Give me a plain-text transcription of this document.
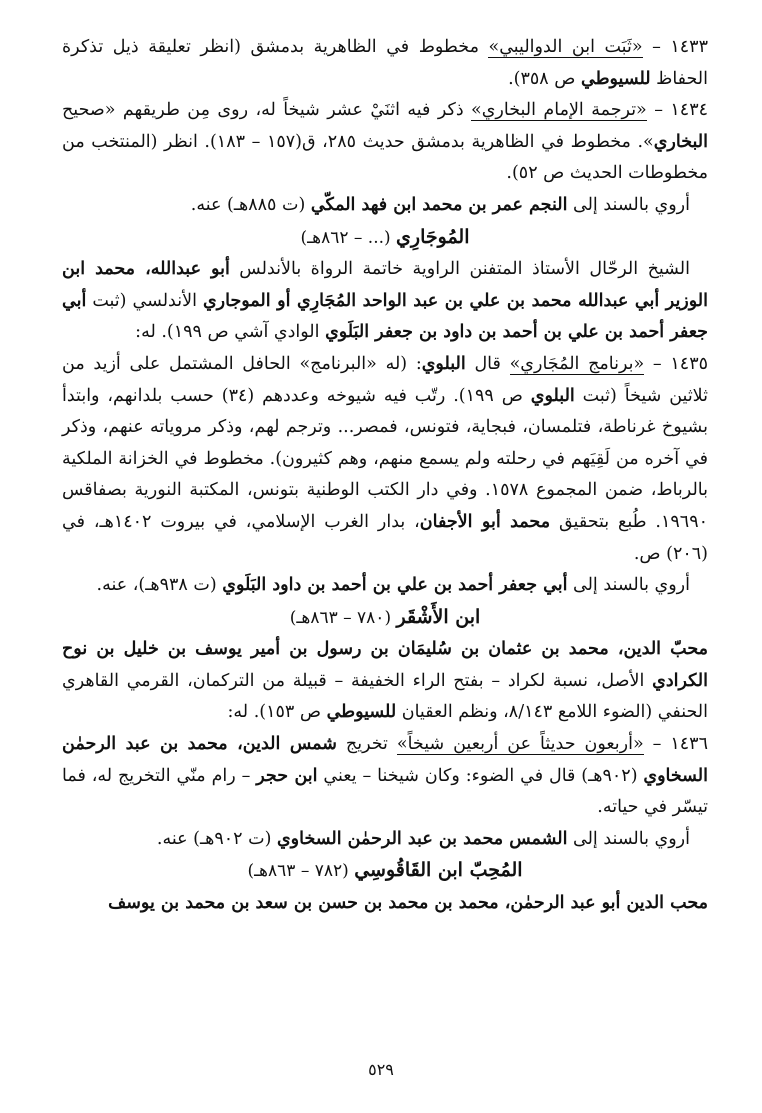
١٤٣٣ – «ثَبَت ابن الدواليبي» مخطوط في الظاهرية بدمشق (انظر تعليقة ذيل تذكرة الحفاظ للسيوطي ص ٣٥٨).

١٤٣٤ – «ترجمة الإمام البخاري» ذكر فيه اثنَيْ عشر شيخاً له، روى مِن طريقهم «صحيح البخاري». مخطوط في الظاهرية بدمشق حديث ٢٨٥، ق(١٥٧ – ١٨٣). انظر (المنتخب من مخطوطات الحديث ص ٥٢).

أروي بالسند إلى النجم عمر بن محمد ابن فهد المكّي (ت ٨٨٥هـ) عنه.

المُوجَارِي (... – ٨٦٢هـ)

الشيخ الرحّال الأستاذ المتفنن الراوية خاتمة الرواة بالأندلس أبو عبدالله، محمد ابن الوزير أبي عبدالله محمد بن علي بن عبد الواحد المُجَارِي أو الموجاري الأندلسي (ثبت أبي جعفر أحمد بن علي بن أحمد بن داود بن جعفر البَلَوي الوادي آشي ص ١٩٩). له:

١٤٣٥ – «برنامج المُجَاري» قال البلوي: (له «البرنامج» الحافل المشتمل على أزيد من ثلاثين شيخاً (ثبت البلوي ص ١٩٩). رتّب فيه شيوخه وعددهم (٣٤) حسب بلدانهم، وابتدأ بشيوخ غرناطة، فتلمسان، فبجاية، فتونس، فمصر... وترجم لهم، وذكر مروياته عنهم، وذكر في آخره من لَقِيَهم في رحلته ولم يسمع منهم، وهم كثيرون). مخطوط في الخزانة الملكية بالرباط، ضمن المجموع ١٥٧٨. وفي دار الكتب الوطنية بتونس، المكتبة النورية بصفاقس ١٩٦٩٠. طُبع بتحقيق محمد أبو الأجفان، بدار الغرب الإسلامي، في بيروت ١٤٠٢هـ، في (٢٠٦) ص.

أروي بالسند إلى أبي جعفر أحمد بن علي بن أحمد بن داود البَلَوي (ت ٩٣٨هـ)، عنه.

ابن الأَشْقَر (٧٨٠ – ٨٦٣هـ)

محبّ الدين، محمد بن عثمان بن سُليمَان بن رسول بن أمير يوسف بن خليل بن نوح الكرادي الأصل، نسبة لكراد – بفتح الراء الخفيفة – قبيلة من التركمان، القرمي القاهري الحنفي (الضوء اللامع ٨/١٤٣، ونظم العقيان للسيوطي ص ١٥٣). له:

١٤٣٦ – «أربعون حديثاً عن أربعين شيخاً» تخريج شمس الدين، محمد بن عبد الرحمٰن السخاوي (٩٠٢هـ) قال في الضوء: وكان شيخنا – يعني ابن حجر – رام منّي التخريج له، فما تيسّر في حياته.

أروي بالسند إلى الشمس محمد بن عبد الرحمٰن السخاوي (ت ٩٠٢هـ) عنه.

المُحِبّ ابن القَاقُوسِي (٧٨٢ – ٨٦٣هـ)

محب الدين أبو عبد الرحمٰن، محمد بن محمد بن حسن بن سعد بن محمد بن يوسف

٥٢٩
